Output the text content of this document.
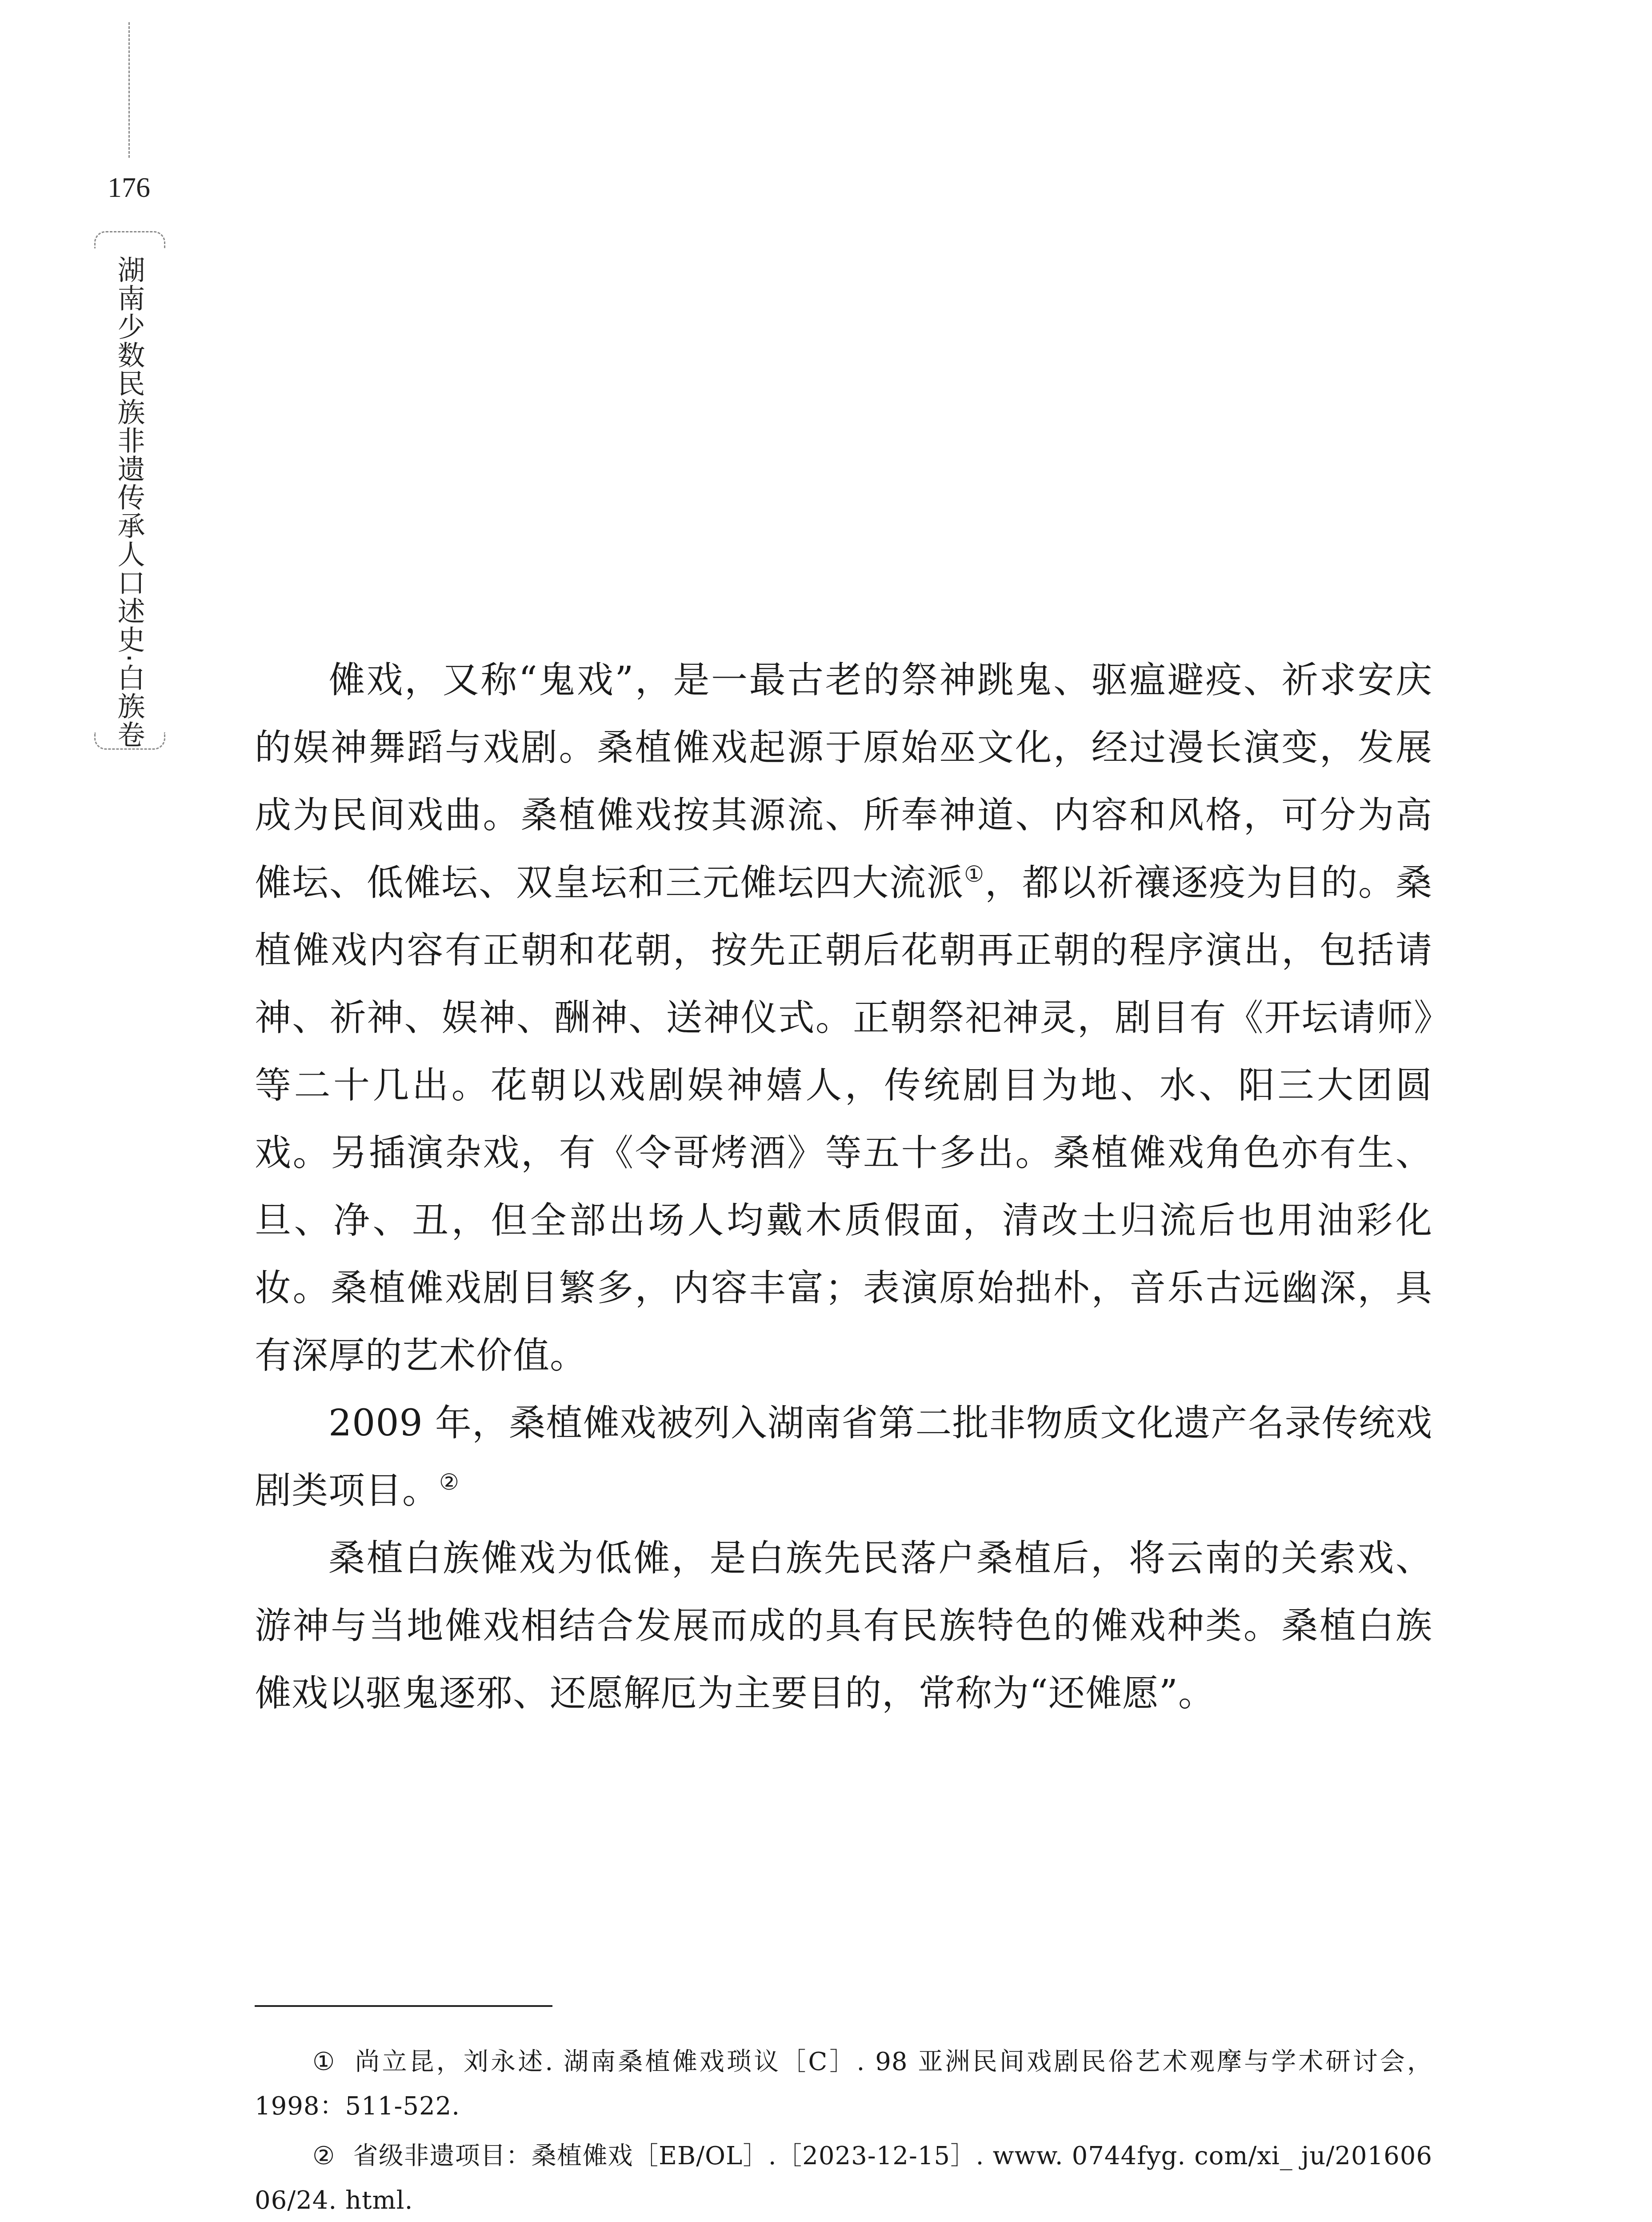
176
湖南少数民族非遗传承人口述史·白族卷	傩戏，又称“鬼戏”，是一最古老的祭神跳鬼、驱瘟避疫、祈求安庆的娱神舞蹈与戏剧。桑植傩戏起源于原始巫文化，经过漫长演变，发展成为民间戏曲。桑植傩戏按其源流、所奉神道、内容和风格，可分为高傩坛、低傩坛、双皇坛和三元傩坛四大流派①，都以祈禳逐疫为目的。桑植傩戏内容有正朝和花朝，按先正朝后花朝再正朝的程序演出，包括请神、祈神、娱神、酬神、送神仪式。正朝祭祀神灵，剧目有《开坛请师》等二十几出。花朝以戏剧娱神嬉人，传统剧目为地、水、阳三大团圆戏。另插演杂戏，有《令哥烤酒》等五十多出。桑植傩戏角色亦有生、旦、净、丑，但全部出场人均戴木质假面，清改土归流后也用油彩化妆。桑植傩戏剧目繁多，内容丰富；表演原始拙朴，音乐古远幽深，具有深厚的艺术价值。

2009 年，桑植傩戏被列入湖南省第二批非物质文化遗产名录传统戏剧类项目。②

桑植白族傩戏为低傩，是白族先民落户桑植后，将云南的关索戏、游神与当地傩戏相结合发展而成的具有民族特色的傩戏种类。桑植白族傩戏以驱鬼逐邪、还愿解厄为主要目的，常称为“还傩愿”。

① 尚立昆，刘永述. 湖南桑植傩戏琐议［C］. 98 亚洲民间戏剧民俗艺术观摩与学术研讨会，1998：511-522.

② 省级非遗项目：桑植傩戏［EB/OL］.［2023-12-15］. www. 0744fyg. com/xi_ ju/201606 06/24. html.
